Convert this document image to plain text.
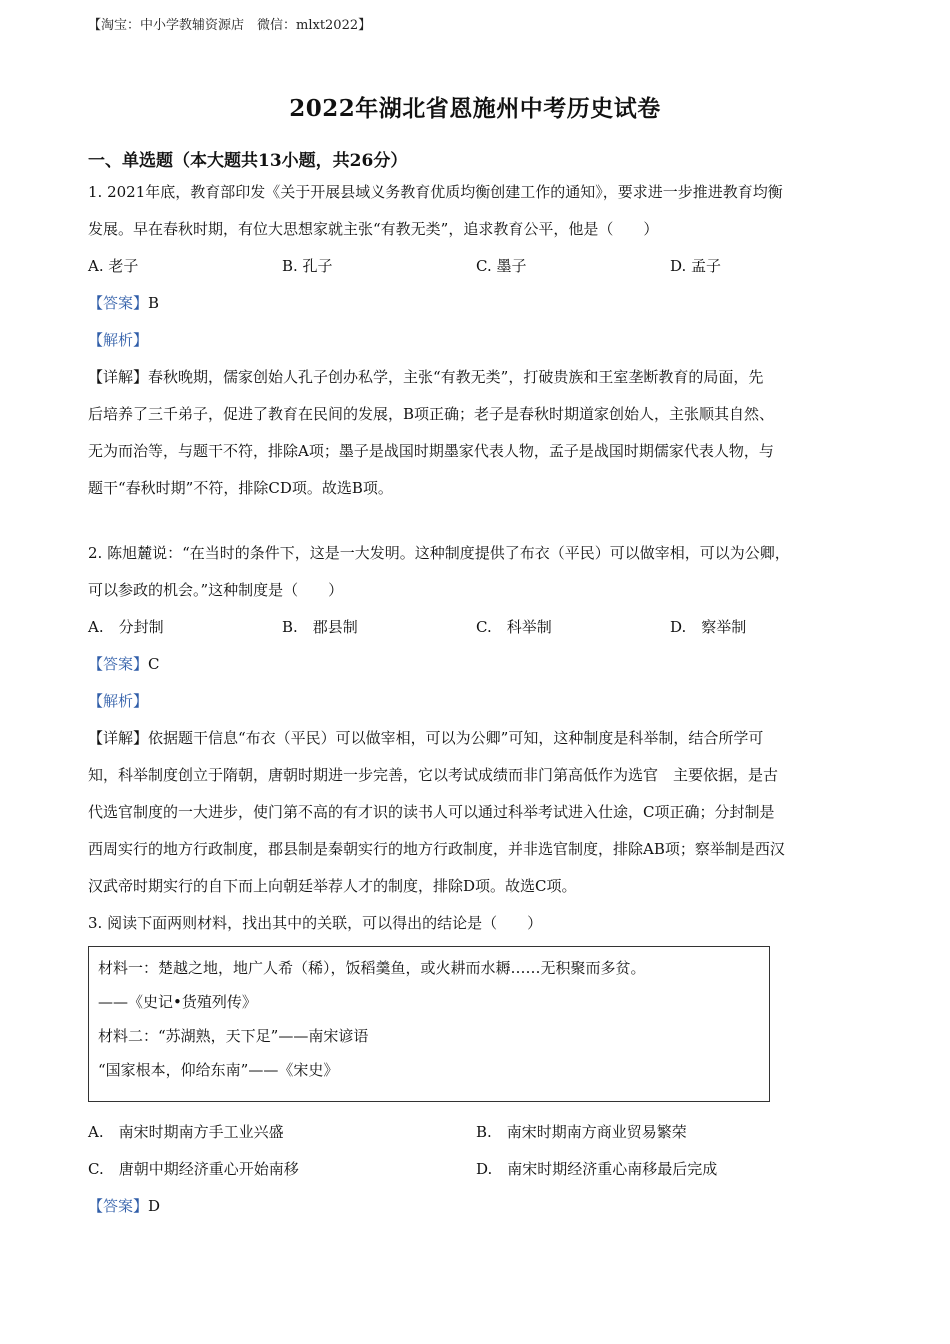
【淘宝：中小学教辅资源店　微信：mlxt2022】
2022年湖北省恩施州中考历史试卷
一、单选题（本大题共13小题，共26分）
1. 2021年底，教育部印发《关于开展县域义务教育优质均衡创建工作的通知》，要求进一步推进教育均衡
发展。早在春秋时期，有位大思想家就主张“有教无类”，追求教育公平，他是（　　）
A. 老子	B. 孔子	C. 墨子	D. 孟子
【答案】B
【解析】
【详解】春秋晚期，儒家创始人孔子创办私学，主张“有教无类”，打破贵族和王室垄断教育的局面，先
后培养了三千弟子，促进了教育在民间的发展，B项正确；老子是春秋时期道家创始人，主张顺其自然、
无为而治等，与题干不符，排除A项；墨子是战国时期墨家代表人物，孟子是战国时期儒家代表人物，与
题干“春秋时期”不符，排除CD项。故选B项。
2. 陈旭麓说：“在当时的条件下，这是一大发明。这种制度提供了布衣（平民）可以做宰相，可以为公卿，
可以参政的机会。”这种制度是（　　）
A.　分封制	B.　郡县制	C.　科举制	D.　察举制
【答案】C
【解析】
【详解】依据题干信息“布衣（平民）可以做宰相，可以为公卿”可知，这种制度是科举制，结合所学可
知，科举制度创立于隋朝，唐朝时期进一步完善，它以考试成绩而非门第高低作为选官　主要依据，是古
代选官制度的一大进步，使门第不高的有才识的读书人可以通过科举考试进入仕途，C项正确；分封制是
西周实行的地方行政制度，郡县制是秦朝实行的地方行政制度，并非选官制度，排除AB项；察举制是西汉
汉武帝时期实行的自下而上向朝廷举荐人才的制度，排除D项。故选C项。
3. 阅读下面两则材料，找出其中的关联，可以得出的结论是（　　）
材料一：楚越之地，地广人希（稀），饭稻羹鱼，或火耕而水耨……无积聚而多贫。
——《史记•货殖列传》
材料二：“苏湖熟，天下足”——南宋谚语
“国家根本，仰给东南”——《宋史》
A.　南宋时期南方手工业兴盛	B.　南宋时期南方商业贸易繁荣
C.　唐朝中期经济重心开始南移	D.　南宋时期经济重心南移最后完成
【答案】D
